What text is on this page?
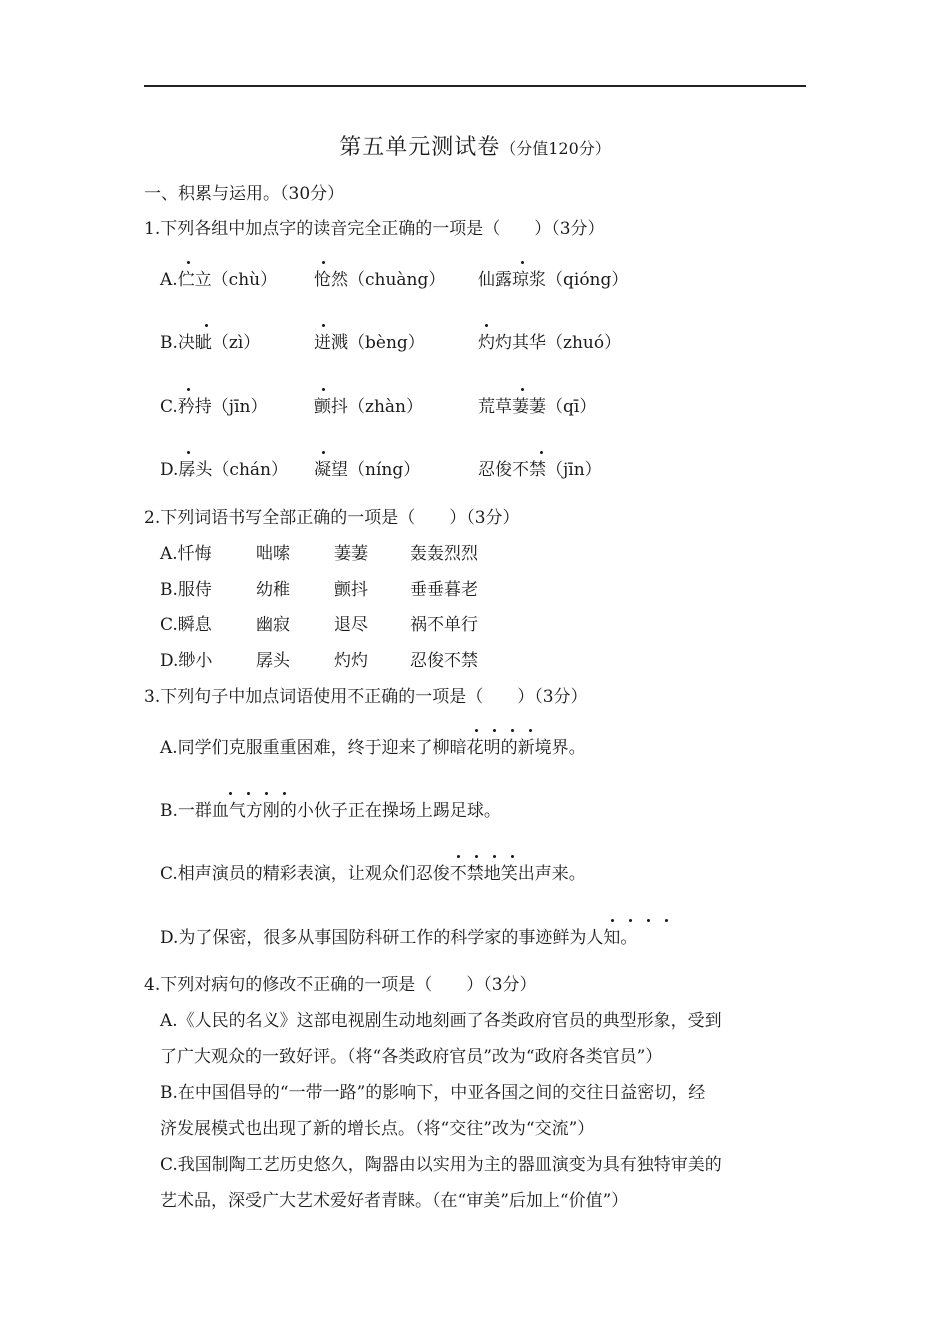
第五单元测试卷（分值120分）
一、积累与运用。（30分）
1.下列各组中加点字的读音完全正确的一项是（　　）（3分）
A.伫立（chù） 怆然（chuàng） 仙露琼浆（qióng）
B.决眦（zì）	迸溅（bèng）	灼灼其华（zhuó）
C.矜持（jīn）	颤抖（zhàn）	荒草萋萋（qī）
D.孱头（chán） 凝望（níng）	忍俊不禁（jīn）
2.下列词语书写全部正确的一项是（　　）（3分）
A.忏悔	咄嗦	萋萋 轰轰烈烈
B.服侍	幼稚	颤抖 垂垂暮老
C.瞬息	幽寂	退尽 祸不单行
D.缈小	孱头	灼灼 忍俊不禁
3.下列句子中加点词语使用不正确的一项是（　　）（3分）
A.同学们克服重重困难，终于迎来了柳暗花明的新境界。
B.一群血气方刚的小伙子正在操场上踢足球。
C.相声演员的精彩表演，让观众们忍俊不禁地笑出声来。
D.为了保密，很多从事国防科研工作的科学家的事迹鲜为人知。
4.下列对病句的修改不正确的一项是（　　）（3分）
A.《人民的名义》这部电视剧生动地刻画了各类政府官员的典型形象，受到
了广大观众的一致好评。（将“各类政府官员”改为“政府各类官员”）
B.在中国倡导的“一带一路”的影响下，中亚各国之间的交往日益密切，经
济发展模式也出现了新的增长点。（将“交往”改为“交流”）
C.我国制陶工艺历史悠久，陶器由以实用为主的器皿演变为具有独特审美的
艺术品，深受广大艺术爱好者青睐。（在“审美”后加上“价值”）
